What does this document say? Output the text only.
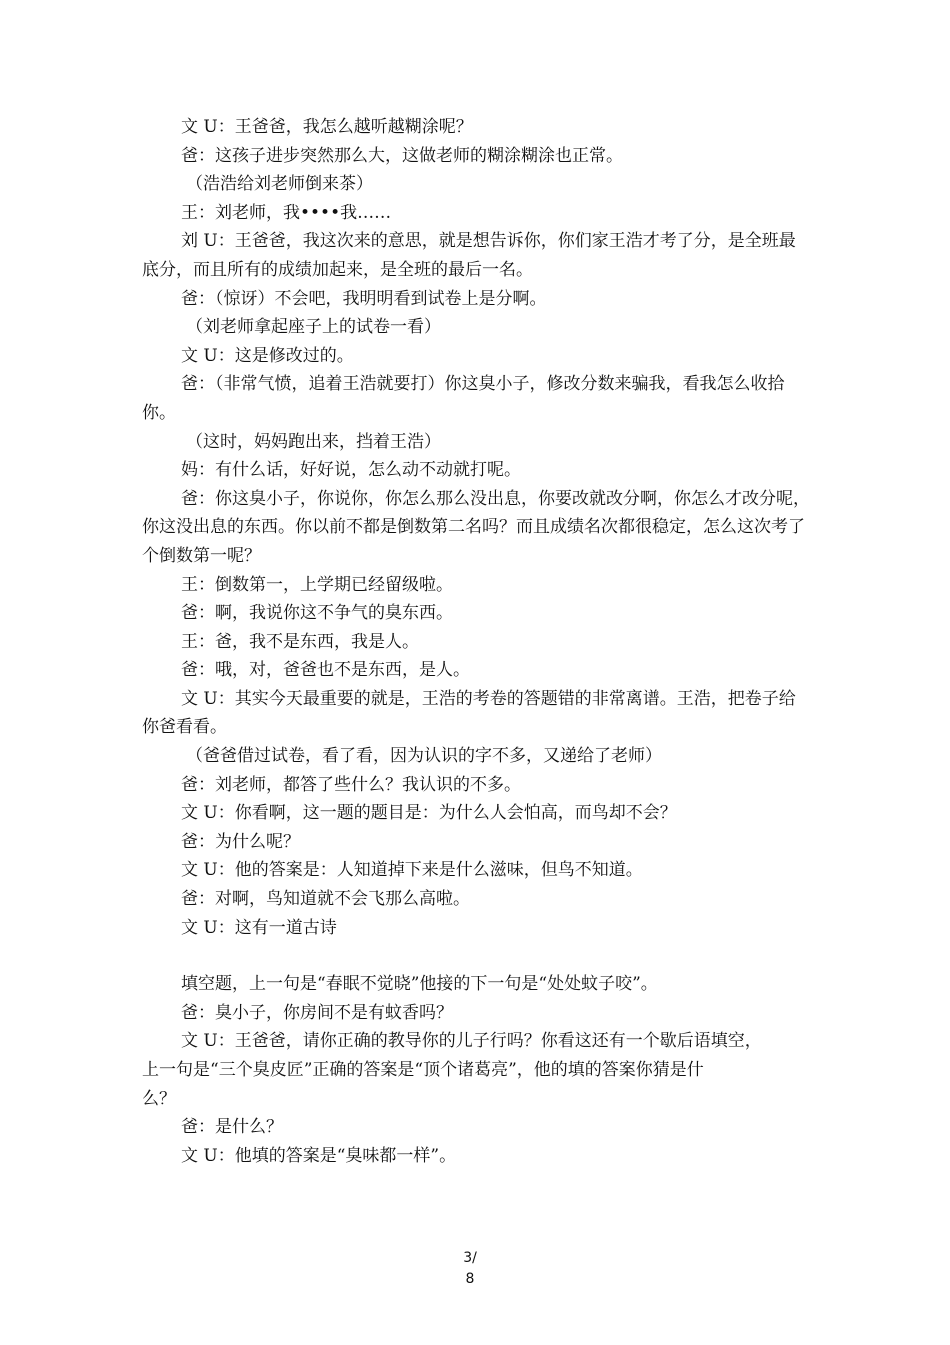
文 U：王爸爸，我怎么越听越糊涂呢？

爸：这孩子进步突然那么大，这做老师的糊涂糊涂也正常。

（浩浩给刘老师倒来茶）

王：刘老师，我••••我……

刘 U：王爸爸，我这次来的意思，就是想告诉你，你们家王浩才考了分，是全班最底分，而且所有的成绩加起来，是全班的最后一名。

爸：（惊讶）不会吧，我明明看到试卷上是分啊。

（刘老师拿起座子上的试卷一看）

文 U：这是修改过的。

爸：（非常气愤，追着王浩就要打）你这臭小子，修改分数来骗我，看我怎么收拾你。

（这时，妈妈跑出来，挡着王浩）

妈：有什么话，好好说，怎么动不动就打呢。

爸：你这臭小子，你说你，你怎么那么没出息，你要改就改分啊，你怎么才改分呢，你这没出息的东西。你以前不都是倒数第二名吗？而且成绩名次都很稳定，怎么这次考了个倒数第一呢？

王：倒数第一，上学期已经留级啦。

爸：啊，我说你这不争气的臭东西。

王：爸，我不是东西，我是人。

爸：哦，对，爸爸也不是东西，是人。

文 U：其实今天最重要的就是，王浩的考卷的答题错的非常离谱。王浩，把卷子给你爸看看。

（爸爸借过试卷，看了看，因为认识的字不多，又递给了老师）

爸：刘老师，都答了些什么？我认识的不多。

文 U：你看啊，这一题的题目是：为什么人会怕高，而鸟却不会？

爸：为什么呢？

文 U：他的答案是：人知道掉下来是什么滋味，但鸟不知道。

爸：对啊，鸟知道就不会飞那么高啦。

文 U：这有一道古诗

填空题，上一句是“春眠不觉晓”他接的下一句是“处处蚊子咬”。

爸：臭小子，你房间不是有蚊香吗？

文 U：王爸爸，请你正确的教导你的儿子行吗？你看这还有一个歇后语填空，

上一句是“三个臭皮匠”正确的答案是“顶个诸葛亮”，他的填的答案你猜是什

么？

爸：是什么？

文 U：他填的答案是“臭味都一样”。

3/
8
